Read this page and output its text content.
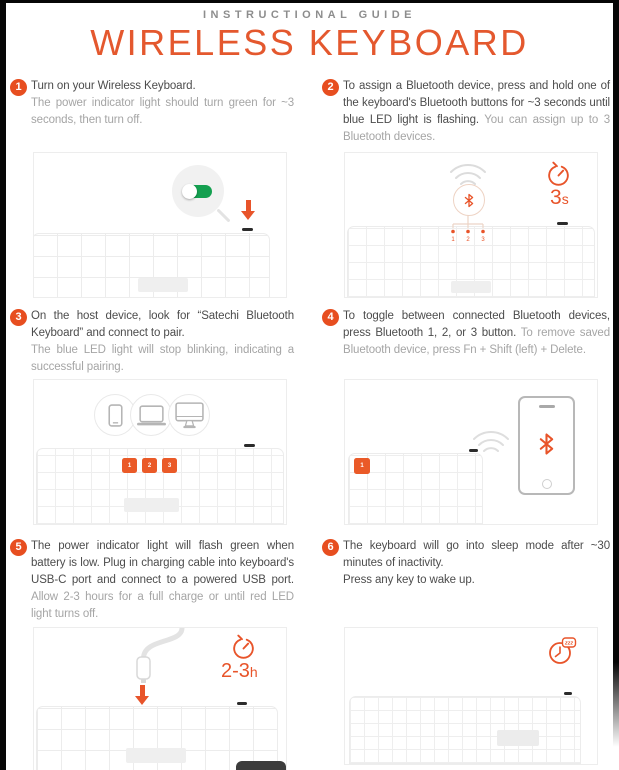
INSTRUCTIONAL GUIDE
WIRELESS KEYBOARD
1 Turn on your Wireless Keyboard.
The power indicator light should turn green for ~3 seconds, then turn off.

2 To assign a Bluetooth device, press and hold one of the keyboard's Bluetooth buttons for ~3 seconds until blue LED light is flashing. You can assign up to 3 Bluetooth devices.

3 On the host device, look for “Satechi Bluetooth Keyboard” and connect to pair.
The blue LED light will stop blinking, indicating a successful pairing.

4 To toggle between connected Bluetooth devices, press Bluetooth 1, 2, or 3 button. To remove saved Bluetooth device, press Fn + Shift (left) + Delete.

5 The power indicator light will flash green when battery is low. Plug in charging cable into keyboard's USB-C port and connect to a powered USB port. Allow 2-3 hours for a full charge or until red LED light turns off.

6 The keyboard will go into sleep mode after ~30 minutes of inactivity.
Press any key to wake up.

1 2 3
3s
1	2	3	1
2-3h
zzz
